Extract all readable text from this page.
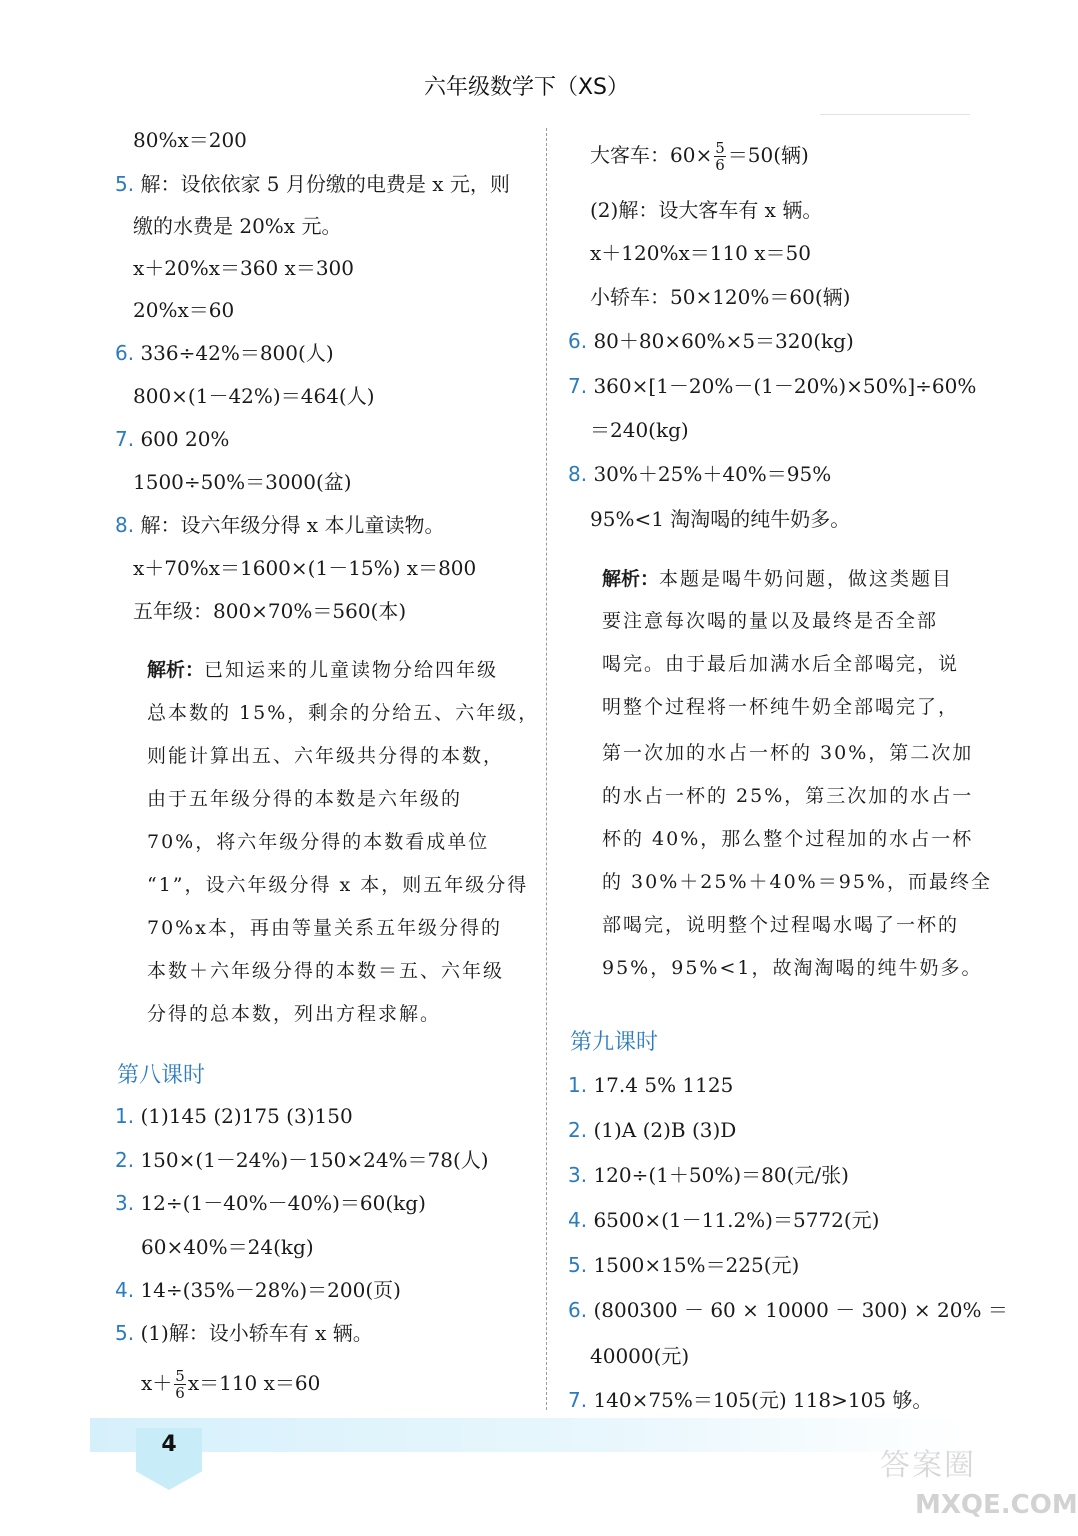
六年级数学下（XS）
80%x＝200
5. 解：设依依家 5 月份缴的电费是 x 元，则
缴的水费是 20%x 元。
x＋20%x＝360 x＝300
20%x＝60
6. 336÷42%＝800(人)
800×(1－42%)＝464(人)
7. 600 20%
1500÷50%＝3000(盆)
8. 解：设六年级分得 x 本儿童读物。
x＋70%x＝1600×(1－15%) x＝800
五年级：800×70%＝560(本)
解析：已知运来的儿童读物分给四年级
总本数的 15%，剩余的分给五、六年级，
则能计算出五、六年级共分得的本数，
由于五年级分得的本数是六年级的
70%，将六年级分得的本数看成单位
“1”，设六年级分得 x 本，则五年级分得
70%x本，再由等量关系五年级分得的
本数＋六年级分得的本数＝五、六年级
分得的总本数，列出方程求解。
第八课时
1. (1)145 (2)175 (3)150
2. 150×(1－24%)－150×24%＝78(人)
3. 12÷(1－40%－40%)＝60(kg)
60×40%＝24(kg)
4. 14÷(35%－28%)＝200(页)
5. (1)解：设小轿车有 x 辆。
$x+ \frac{5}{6} x=110$ x＝60
大客车：$60\times \frac{5}{6} =50$(辆)
(2)解：设大客车有 x 辆。
x＋120%x＝110 x＝50
小轿车：50×120%＝60(辆)
6. 80＋80×60%×5＝320(kg)
7. 360×[1－20%－(1－20%)×50%]÷60%
＝240(kg)
8. 30%＋25%＋40%＝95%
95%<1 淘淘喝的纯牛奶多。
解析：本题是喝牛奶问题，做这类题目
要注意每次喝的量以及最终是否全部
喝完。由于最后加满水后全部喝完，说
明整个过程将一杯纯牛奶全部喝完了，
第一次加的水占一杯的 30%，第二次加
的水占一杯的 25%，第三次加的水占一
杯的 40%，那么整个过程加的水占一杯
的 30%＋25%＋40%＝95%，而最终全
部喝完，说明整个过程喝水喝了一杯的
95%，95%<1，故淘淘喝的纯牛奶多。
第九课时
1. 17.4 5% 1125
2. (1)A (2)B (3)D
3. 120÷(1＋50%)＝80(元/张)
4. 6500×(1－11.2%)＝5772(元)
5. 1500×15%＝225(元)
6. (800300 － 60 × 10000 － 300) × 20% ＝
40000(元)
7. 140×75%＝105(元) 118>105 够。
4
答案圈
MXQE.COM
